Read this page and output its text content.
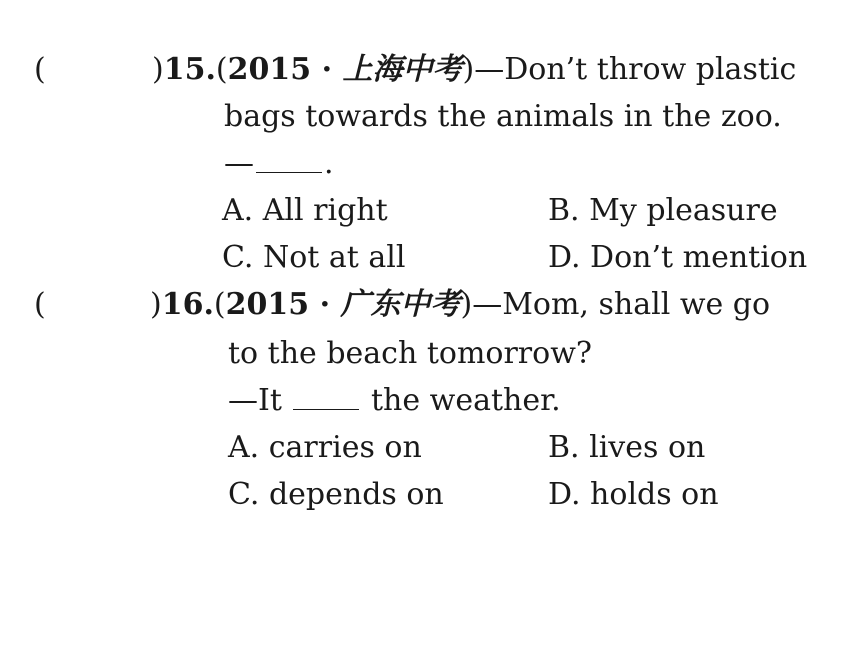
(	)15.(2015 · 上海中考)—Don’t throw plastic
bags towards the animals in the zoo.
— .
A. All right	B. My pleasure
C. Not at all	D. Don’t mention
(	)16.(2015 · 广东中考)—Mom, shall we go
to the beach tomorrow?
—It  the weather.
A. carries on	B. lives on
C. depends on	D. holds on
